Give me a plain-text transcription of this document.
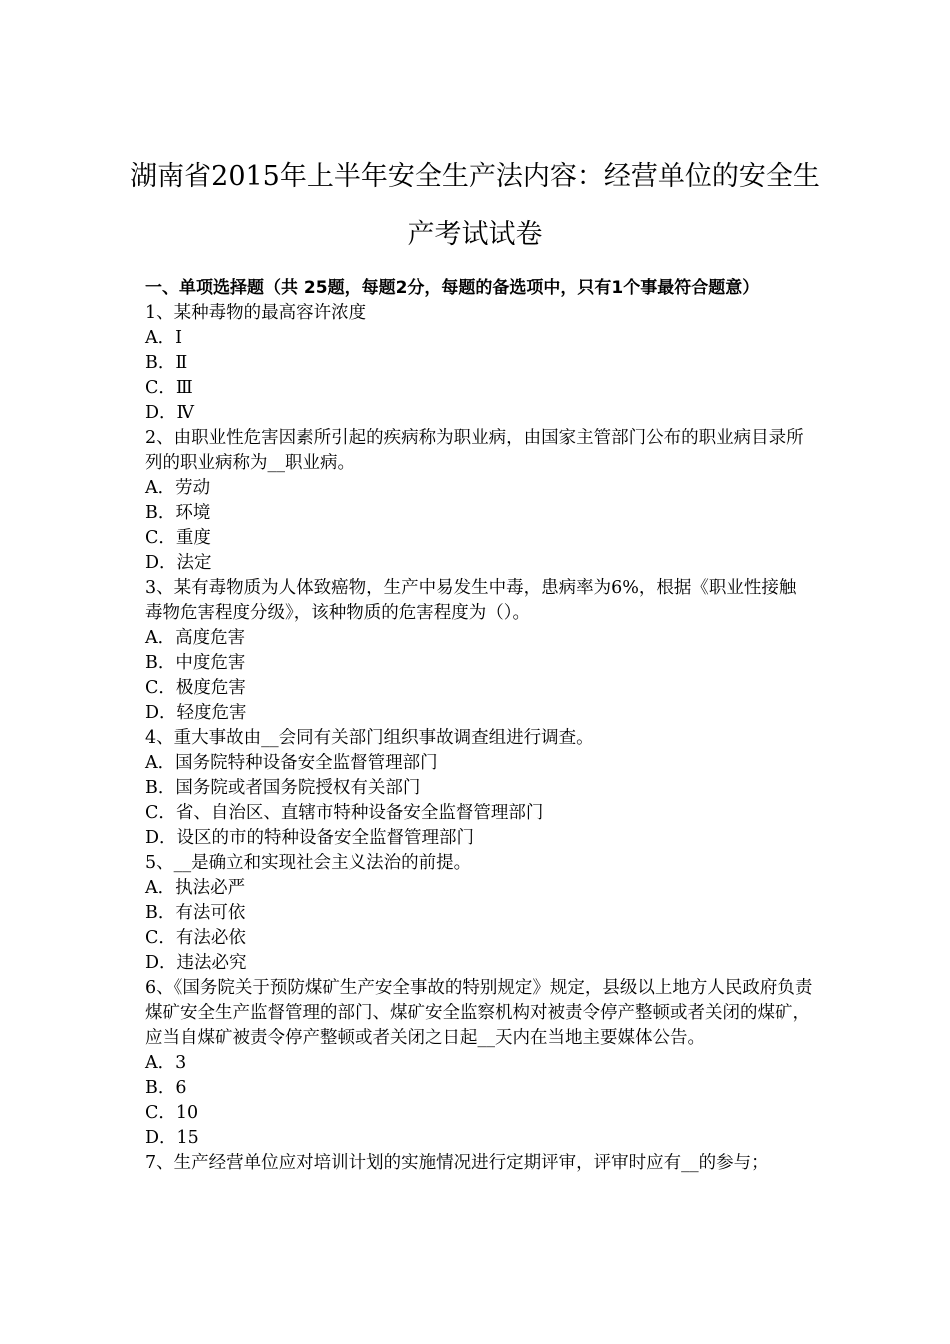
湖南省2015年上半年安全生产法内容：经营单位的安全生
产考试试卷

一、单项选择题（共 25题，每题2分，每题的备选项中，只有1个事最符合题意）

1、某种毒物的最高容许浓度

A．Ⅰ

B．Ⅱ

C．Ⅲ

D．Ⅳ

2、由职业性危害因素所引起的疾病称为职业病，由国家主管部门公布的职业病目录所列的职业病称为__职业病。

A．劳动

B．环境

C．重度

D．法定

3、某有毒物质为人体致癌物，生产中易发生中毒，患病率为6%，根据《职业性接触毒物危害程度分级》，该种物质的危害程度为（）。

A．高度危害

B．中度危害

C．极度危害

D．轻度危害

4、重大事故由__会同有关部门组织事故调查组进行调查。

A．国务院特种设备安全监督管理部门

B．国务院或者国务院授权有关部门

C．省、自治区、直辖市特种设备安全监督管理部门

D．设区的市的特种设备安全监督管理部门

5、__是确立和实现社会主义法治的前提。

A．执法必严

B．有法可依

C．有法必依

D．违法必究

6、《国务院关于预防煤矿生产安全事故的特别规定》规定，县级以上地方人民政府负责煤矿安全生产监督管理的部门、煤矿安全监察机构对被责令停产整顿或者关闭的煤矿，应当自煤矿被责令停产整顿或者关闭之日起__天内在当地主要媒体公告。

A．3

B．6

C．10

D．15

7、生产经营单位应对培训计划的实施情况进行定期评审，评审时应有__的参与；
